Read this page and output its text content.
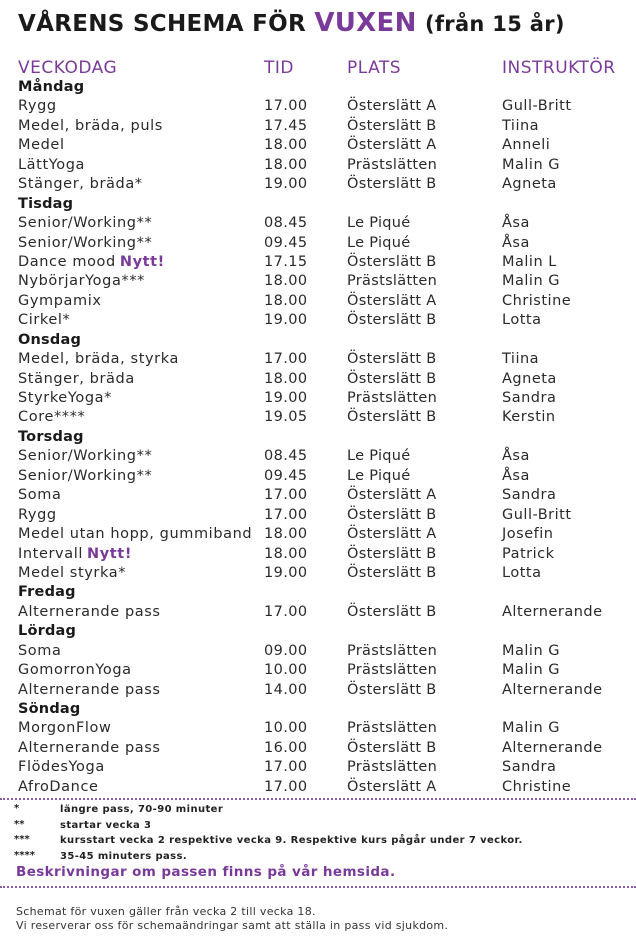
VÅRENS SCHEMA FÖR VUXEN (från 15 år)
VECKODAG	TID	PLATS	INSTRUKTÖR
Måndag
Rygg	17.00	Österslätt A	Gull-Britt
Medel, bräda, puls	17.45	Österslätt B	Tiina
Medel	18.00	Österslätt A	Anneli
LättYoga	18.00	Prästslätten	Malin G
Stänger, bräda*	19.00	Österslätt B	Agneta
Tisdag
Senior/Working**	08.45	Le Piqué	Åsa
Senior/Working**	09.45	Le Piqué	Åsa
Dance mood Nytt!	17.15	Österslätt B	Malin L
NybörjarYoga***	18.00	Prästslätten	Malin G
Gympamix	18.00	Österslätt A	Christine
Cirkel*	19.00	Österslätt B	Lotta
Onsdag
Medel, bräda, styrka	17.00	Österslätt B	Tiina
Stänger, bräda	18.00	Österslätt B	Agneta
StyrkeYoga*	19.00	Prästslätten	Sandra
Core****	19.05	Österslätt B	Kerstin
Torsdag
Senior/Working**	08.45	Le Piqué	Åsa
Senior/Working**	09.45	Le Piqué	Åsa
Soma	17.00	Österslätt A	Sandra
Rygg	17.00	Österslätt B	Gull-Britt
Medel utan hopp, gummiband 18.00	Österslätt A	Josefin
Intervall Nytt!	18.00	Österslätt B	Patrick
Medel styrka*	19.00	Österslätt B	Lotta
Fredag
Alternerande pass	17.00	Österslätt B	Alternerande
Lördag
Soma	09.00	Prästslätten	Malin G
GomorronYoga	10.00	Prästslätten	Malin G
Alternerande pass	14.00	Österslätt B	Alternerande
Söndag
MorgonFlow	10.00	Prästslätten	Malin G
Alternerande pass	16.00	Österslätt B	Alternerande
FlödesYoga	17.00	Prästslätten	Sandra
AfroDance	17.00	Österslätt A	Christine
*	längre pass, 70-90 minuter
**	startar vecka 3
***	kursstart vecka 2 respektive vecka 9. Respektive kurs pågår under 7 veckor.
****	35-45 minuters pass.
Beskrivningar om passen finns på vår hemsida.
Schemat för vuxen gäller från vecka 2 till vecka 18.
Vi reserverar oss för schemaändringar samt att ställa in pass vid sjukdom.
